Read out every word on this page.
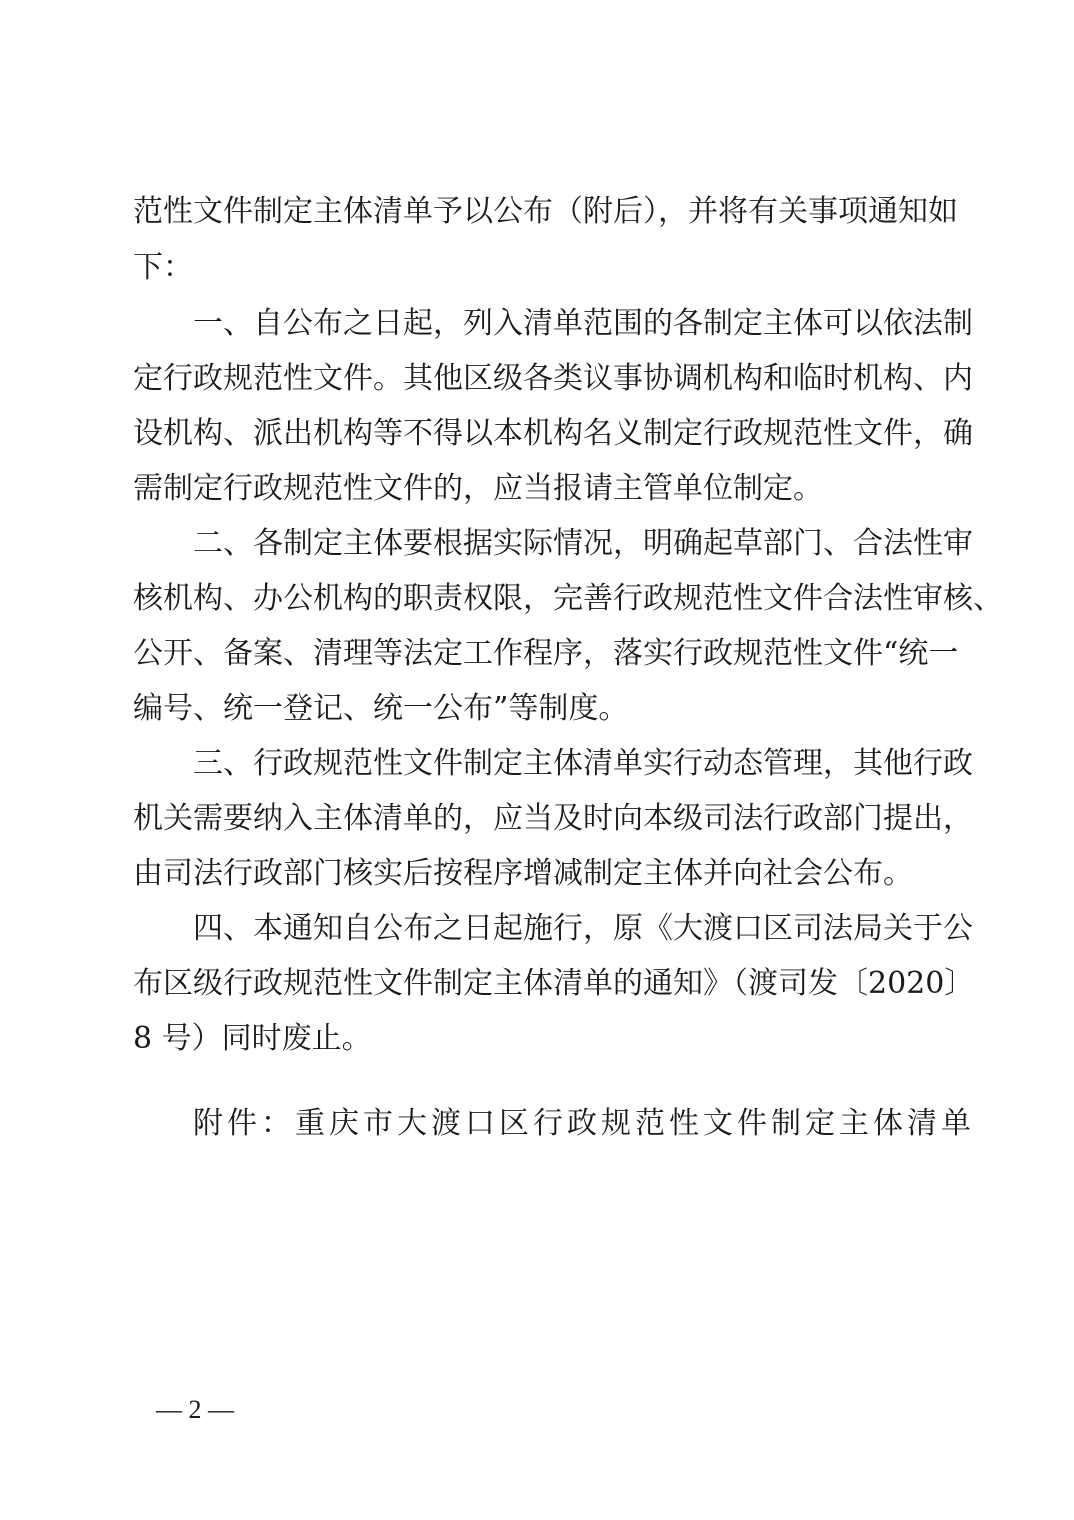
范性文件制定主体清单予以公布（附后），并将有关事项通知如
下：
一、自公布之日起，列入清单范围的各制定主体可以依法制
定行政规范性文件。其他区级各类议事协调机构和临时机构、内
设机构、派出机构等不得以本机构名义制定行政规范性文件，确
需制定行政规范性文件的，应当报请主管单位制定。
二、各制定主体要根据实际情况，明确起草部门、合法性审
核机构、办公机构的职责权限，完善行政规范性文件合法性审核、
公开、备案、清理等法定工作程序，落实行政规范性文件“统一
编号、统一登记、统一公布”等制度。
三、行政规范性文件制定主体清单实行动态管理，其他行政
机关需要纳入主体清单的，应当及时向本级司法行政部门提出，
由司法行政部门核实后按程序增减制定主体并向社会公布。
四、本通知自公布之日起施行，原《大渡口区司法局关于公
布区级行政规范性文件制定主体清单的通知》（渡司发〔2020〕
8 号）同时废止。
附件：重庆市大渡口区行政规范性文件制定主体清单
— 2 —
